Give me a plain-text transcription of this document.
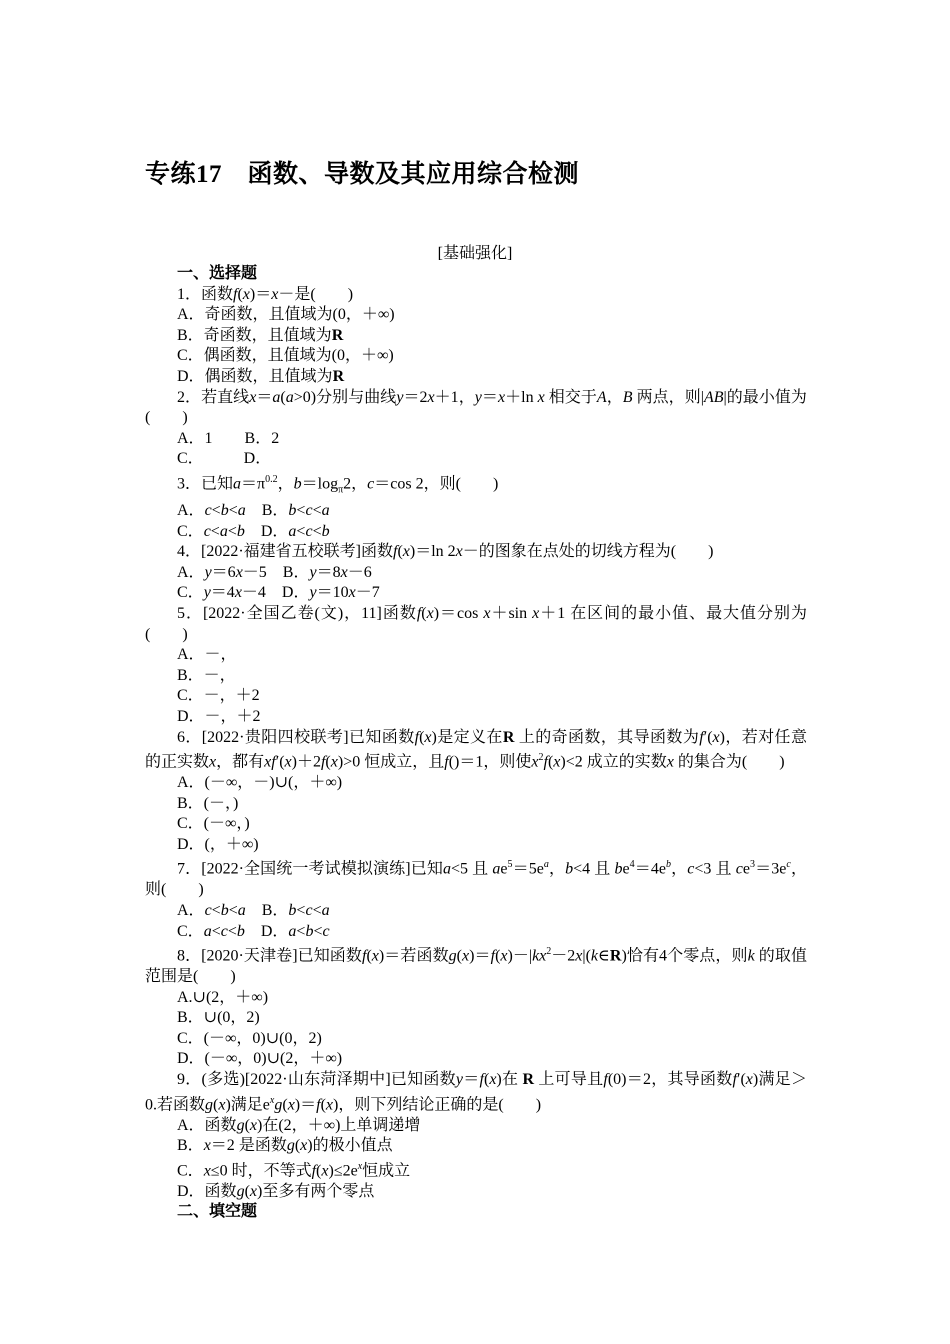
专练17　函数、导数及其应用综合检测
[基础强化]
一、选择题
1．函数f(x)＝x－是(　　)
A．奇函数，且值域为(0，＋∞)
B．奇函数，且值域为R
C．偶函数，且值域为(0，＋∞)
D．偶函数，且值域为R
2．若直线x＝a(a>0)分别与曲线y＝2x＋1，y＝x＋ln x 相交于A，B 两点，则|AB|的最小值为(　　)
A．1　　B．2
C．　　　D．
3．已知$a=\pi^{0.2}$，$b=\log_\pi 2$，c＝cos 2，则(　　)
A．c<b<a　B．b<c<a
C．c<a<b　D．a<c<b
4．[2022·福建省五校联考]函数f(x)＝ln 2x－的图象在点处的切线方程为(　　)
A．y＝6x－5　B．y＝8x－6
C．y＝4x－4　D．y＝10x－7
5．[2022·全国乙卷(文)，11]函数f(x)＝cos x＋sin x＋1 在区间的最小值、最大值分别为(　　)
A．－，
B．－，
C．－，＋2
D．－，＋2
6．[2022·贵阳四校联考]已知函数f(x)是定义在R 上的奇函数，其导函数为f′(x)，若对任意的正实数x，都有xf′(x)＋2f(x)>0 恒成立，且f()＝1，则使$x^2f(x)<2$ 成立的实数x 的集合为(　　)
A．(－∞，－)∪(，＋∞)
B．(－，)
C．(－∞，)
D．(，＋∞)
7．[2022·全国统一考试模拟演练]已知a<5 且 $ae^5=5e^a$，b<4 且 $be^4=4e^b$，c<3 且 $ce^3=3e^c$，则(　　)
A．c<b<a　B．b<c<a
C．a<c<b　D．a<b<c
8．[2020·天津卷]已知函数f(x)＝若函数$g(x)=f(x)-|kx^2-2x|(k\in R)$恰有4个零点，则k 的取值范围是(　　)
A.∪(2，＋∞)
B．∪(0，2)
C．(－∞，0)∪(0，2)
D．(－∞，0)∪(2，＋∞)
9．(多选)[2022·山东菏泽期中]已知函数y＝f(x)在 R 上可导且f(0)＝2，其导函数f′(x)满足＞0.若函数g(x)满足$e^xg(x)=f(x)$，则下列结论正确的是(　　)
A．函数g(x)在(2，＋∞)上单调递增
B．x＝2 是函数g(x)的极小值点
C．x≤0 时，不等式$f(x)\le 2e^x$恒成立
D．函数g(x)至多有两个零点
二、填空题
